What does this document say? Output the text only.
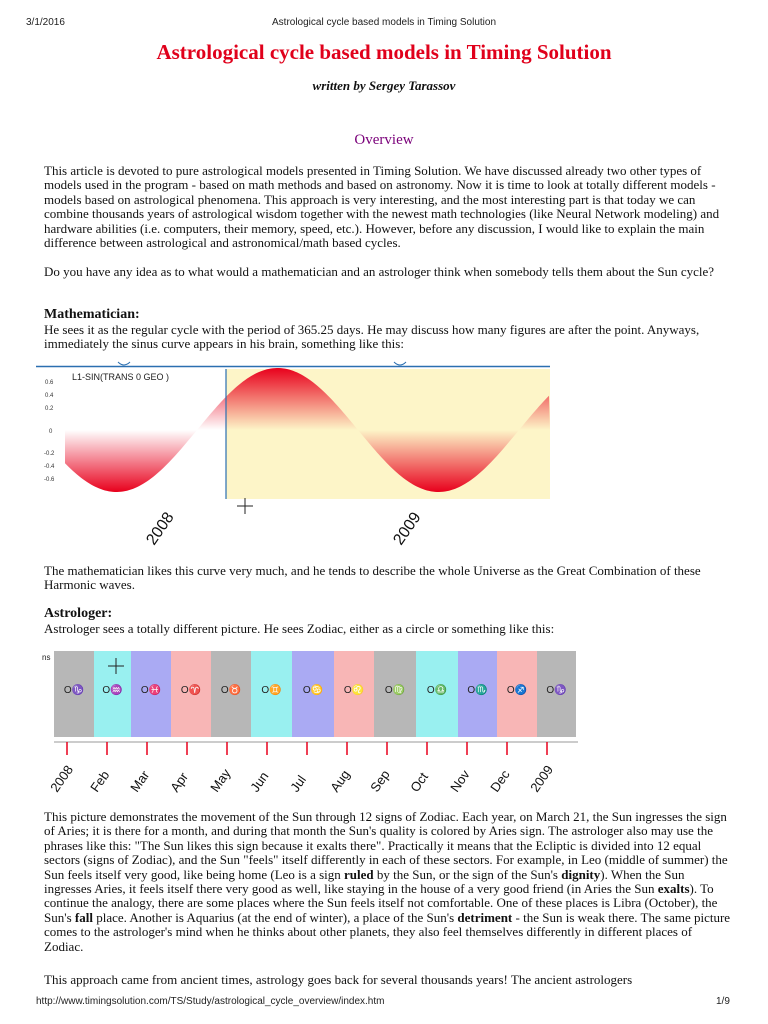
3/1/2016	Astrological cycle based models in Timing Solution
Astrological cycle based models in Timing Solution
written by Sergey Tarassov
Overview

This article is devoted to pure astrological models presented in Timing Solution. We have discussed already two other types of models used in the program - based on math methods and based on astronomy. Now it is time to look at totally different models - models based on astrological phenomena. This approach is very interesting, and the most interesting part is that today we can combine thousands years of astrological wisdom together with the newest math technologies (like Neural Network modeling) and hardware abilities (i.e. computers, their memory, speed, etc.). However, before any discussion, I would like to explain the main difference between astrological and astronomical/math based cycles.

Do you have any idea as to what would a mathematician and an astrologer think when somebody tells them about the Sun cycle?

Mathematician:

He sees it as the regular cycle with the period of 365.25 days. He may discuss how many figures are after the point. Anyways, immediately the sinus curve appears in his brain, something like this:

L1-SIN(TRANS 0 GEO )
0.6
0.4
0.2
0
-0.2
-0.4
-0.6
2008	2009

The mathematician likes this curve very much, and he tends to describe the whole Universe as the Great Combination of these Harmonic waves.

Astrologer:

Astrologer sees a totally different picture. He sees Zodiac, either as a circle or something like this:

ns
O♑ O♒ O♓ O♈ O♉ O♊ O♋ O♌ O♍ O♎ O♏ O♐ O♑
2008 Feb Mar Apr May Jun Jul Aug Sep Oct Nov Dec 2009

This picture demonstrates the movement of the Sun through 12 signs of Zodiac. Each year, on March 21, the Sun ingresses the sign of Aries; it is there for a month, and during that month the Sun's quality is colored by Aries sign. The astrologer also may use the phrases like this: "The Sun likes this sign because it exalts there". Practically it means that the Ecliptic is divided into 12 equal sectors (signs of Zodiac), and the Sun "feels" itself differently in each of these sectors. For example, in Leo (middle of summer) the Sun feels itself very good, like being home (Leo is a sign ruled by the Sun, or the sign of the Sun's dignity). When the Sun ingresses Aries, it feels itself there very good as well, like staying in the house of a very good friend (in Aries the Sun exalts). To continue the analogy, there are some places where the Sun feels itself not comfortable. One of these places is Libra (October), the Sun's fall place. Another is Aquarius (at the end of winter), a place of the Sun's detriment - the Sun is weak there. The same picture comes to the astrologer's mind when he thinks about other planets, they also feel themselves differently in different places of Zodiac.

This approach came from ancient times, astrology goes back for several thousands years! The ancient astrologers

http://www.timingsolution.com/TS/Study/astrological_cycle_overview/index.htm	1/9
